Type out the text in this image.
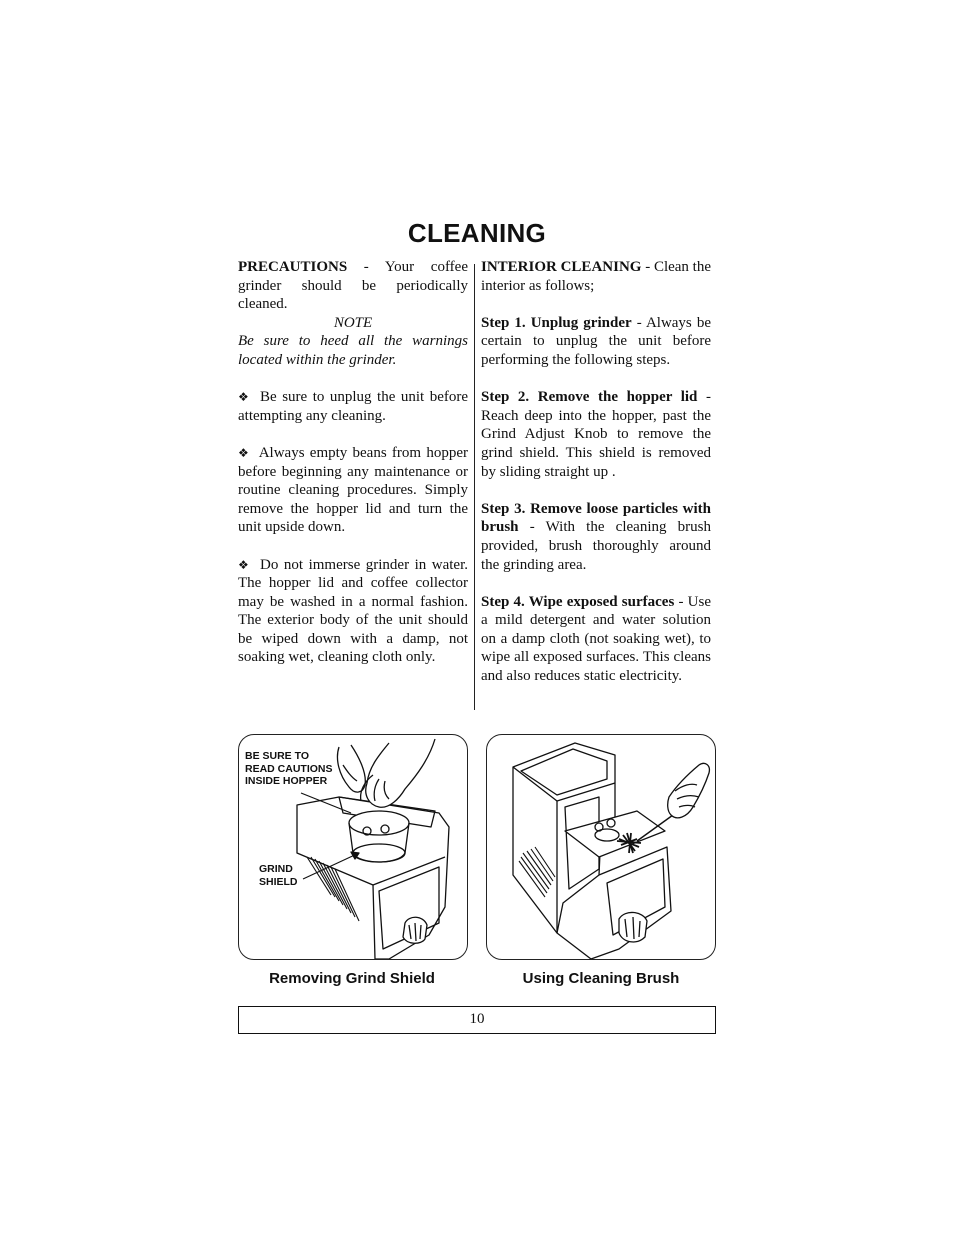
CLEANING

PRECAUTIONS - Your coffee grinder should be periodically cleaned.

NOTE

Be sure to heed all the warnings located within the grinder.

❖ Be sure to unplug the unit before attempting any cleaning.

❖ Always empty beans from hopper before beginning any maintenance or routine cleaning procedures. Simply remove the hopper lid and turn the unit upside down.

❖ Do not immerse grinder in water. The hopper lid and coffee collector may be washed in a normal fashion. The exterior body of the unit should be wiped down with a damp, not soaking wet, cleaning cloth only.

INTERIOR CLEANING - Clean the interior as follows;

Step 1. Unplug grinder - Always be certain to unplug the unit before performing the following steps.

Step 2. Remove the hopper lid - Reach deep into the hopper, past the Grind Adjust Knob to remove the grind shield. This shield is removed by sliding straight up .

Step 3. Remove loose particles with brush - With the cleaning brush provided, brush thoroughly around the grinding area.

Step 4. Wipe exposed surfaces - Use a mild detergent and water solution on a damp cloth (not soaking wet), to wipe all exposed surfaces. This cleans and also reduces static electricity.

BE SURE TO
READ CAUTIONS
INSIDE HOPPER
GRIND
SHIELD
Removing Grind Shield	Using Cleaning Brush
10
